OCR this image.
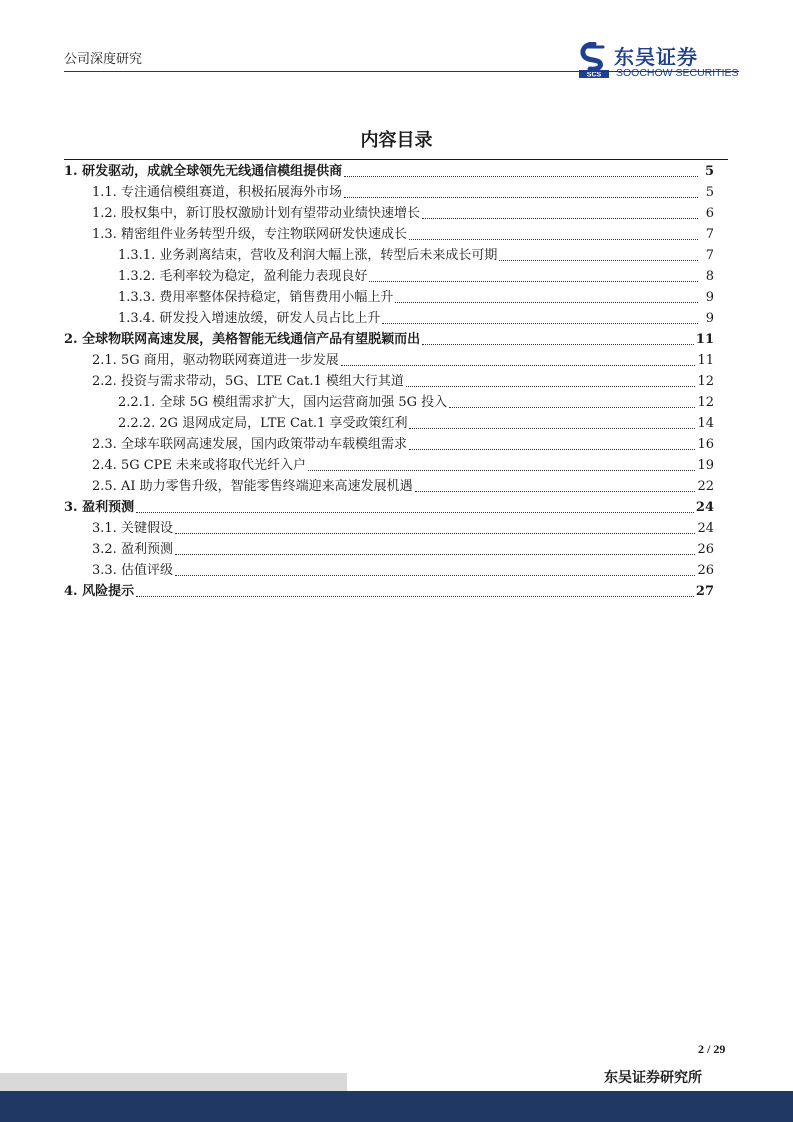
公司深度研究
SCS
东吴证券
SOOCHOW SECURITIES
内容目录
1. 研发驱动，成就全球领先无线通信模组提供商	5
1.1. 专注通信模组赛道，积极拓展海外市场	5
1.2. 股权集中，新订股权激励计划有望带动业绩快速增长	6
1.3. 精密组件业务转型升级，专注物联网研发快速成长	7
1.3.1. 业务剥离结束，营收及利润大幅上涨，转型后未来成长可期	7
1.3.2. 毛利率较为稳定，盈利能力表现良好	8
1.3.3. 费用率整体保持稳定，销售费用小幅上升	9
1.3.4. 研发投入增速放缓，研发人员占比上升	9
2. 全球物联网高速发展，美格智能无线通信产品有望脱颖而出	11
2.1. 5G 商用，驱动物联网赛道进一步发展	11
2.2. 投资与需求带动，5G、LTE Cat.1 模组大行其道	12
2.2.1. 全球 5G 模组需求扩大，国内运营商加强 5G 投入	12
2.2.2. 2G 退网成定局，LTE Cat.1 享受政策红利	14
2.3. 全球车联网高速发展，国内政策带动车载模组需求	16
2.4. 5G CPE 未来或将取代光纤入户	19
2.5. AI 助力零售升级，智能零售终端迎来高速发展机遇	22
3. 盈利预测	24
3.1. 关键假设	24
3.2. 盈利预测	26
3.3. 估值评级	26
4. 风险提示	27
2 / 29
东吴证券研究所
